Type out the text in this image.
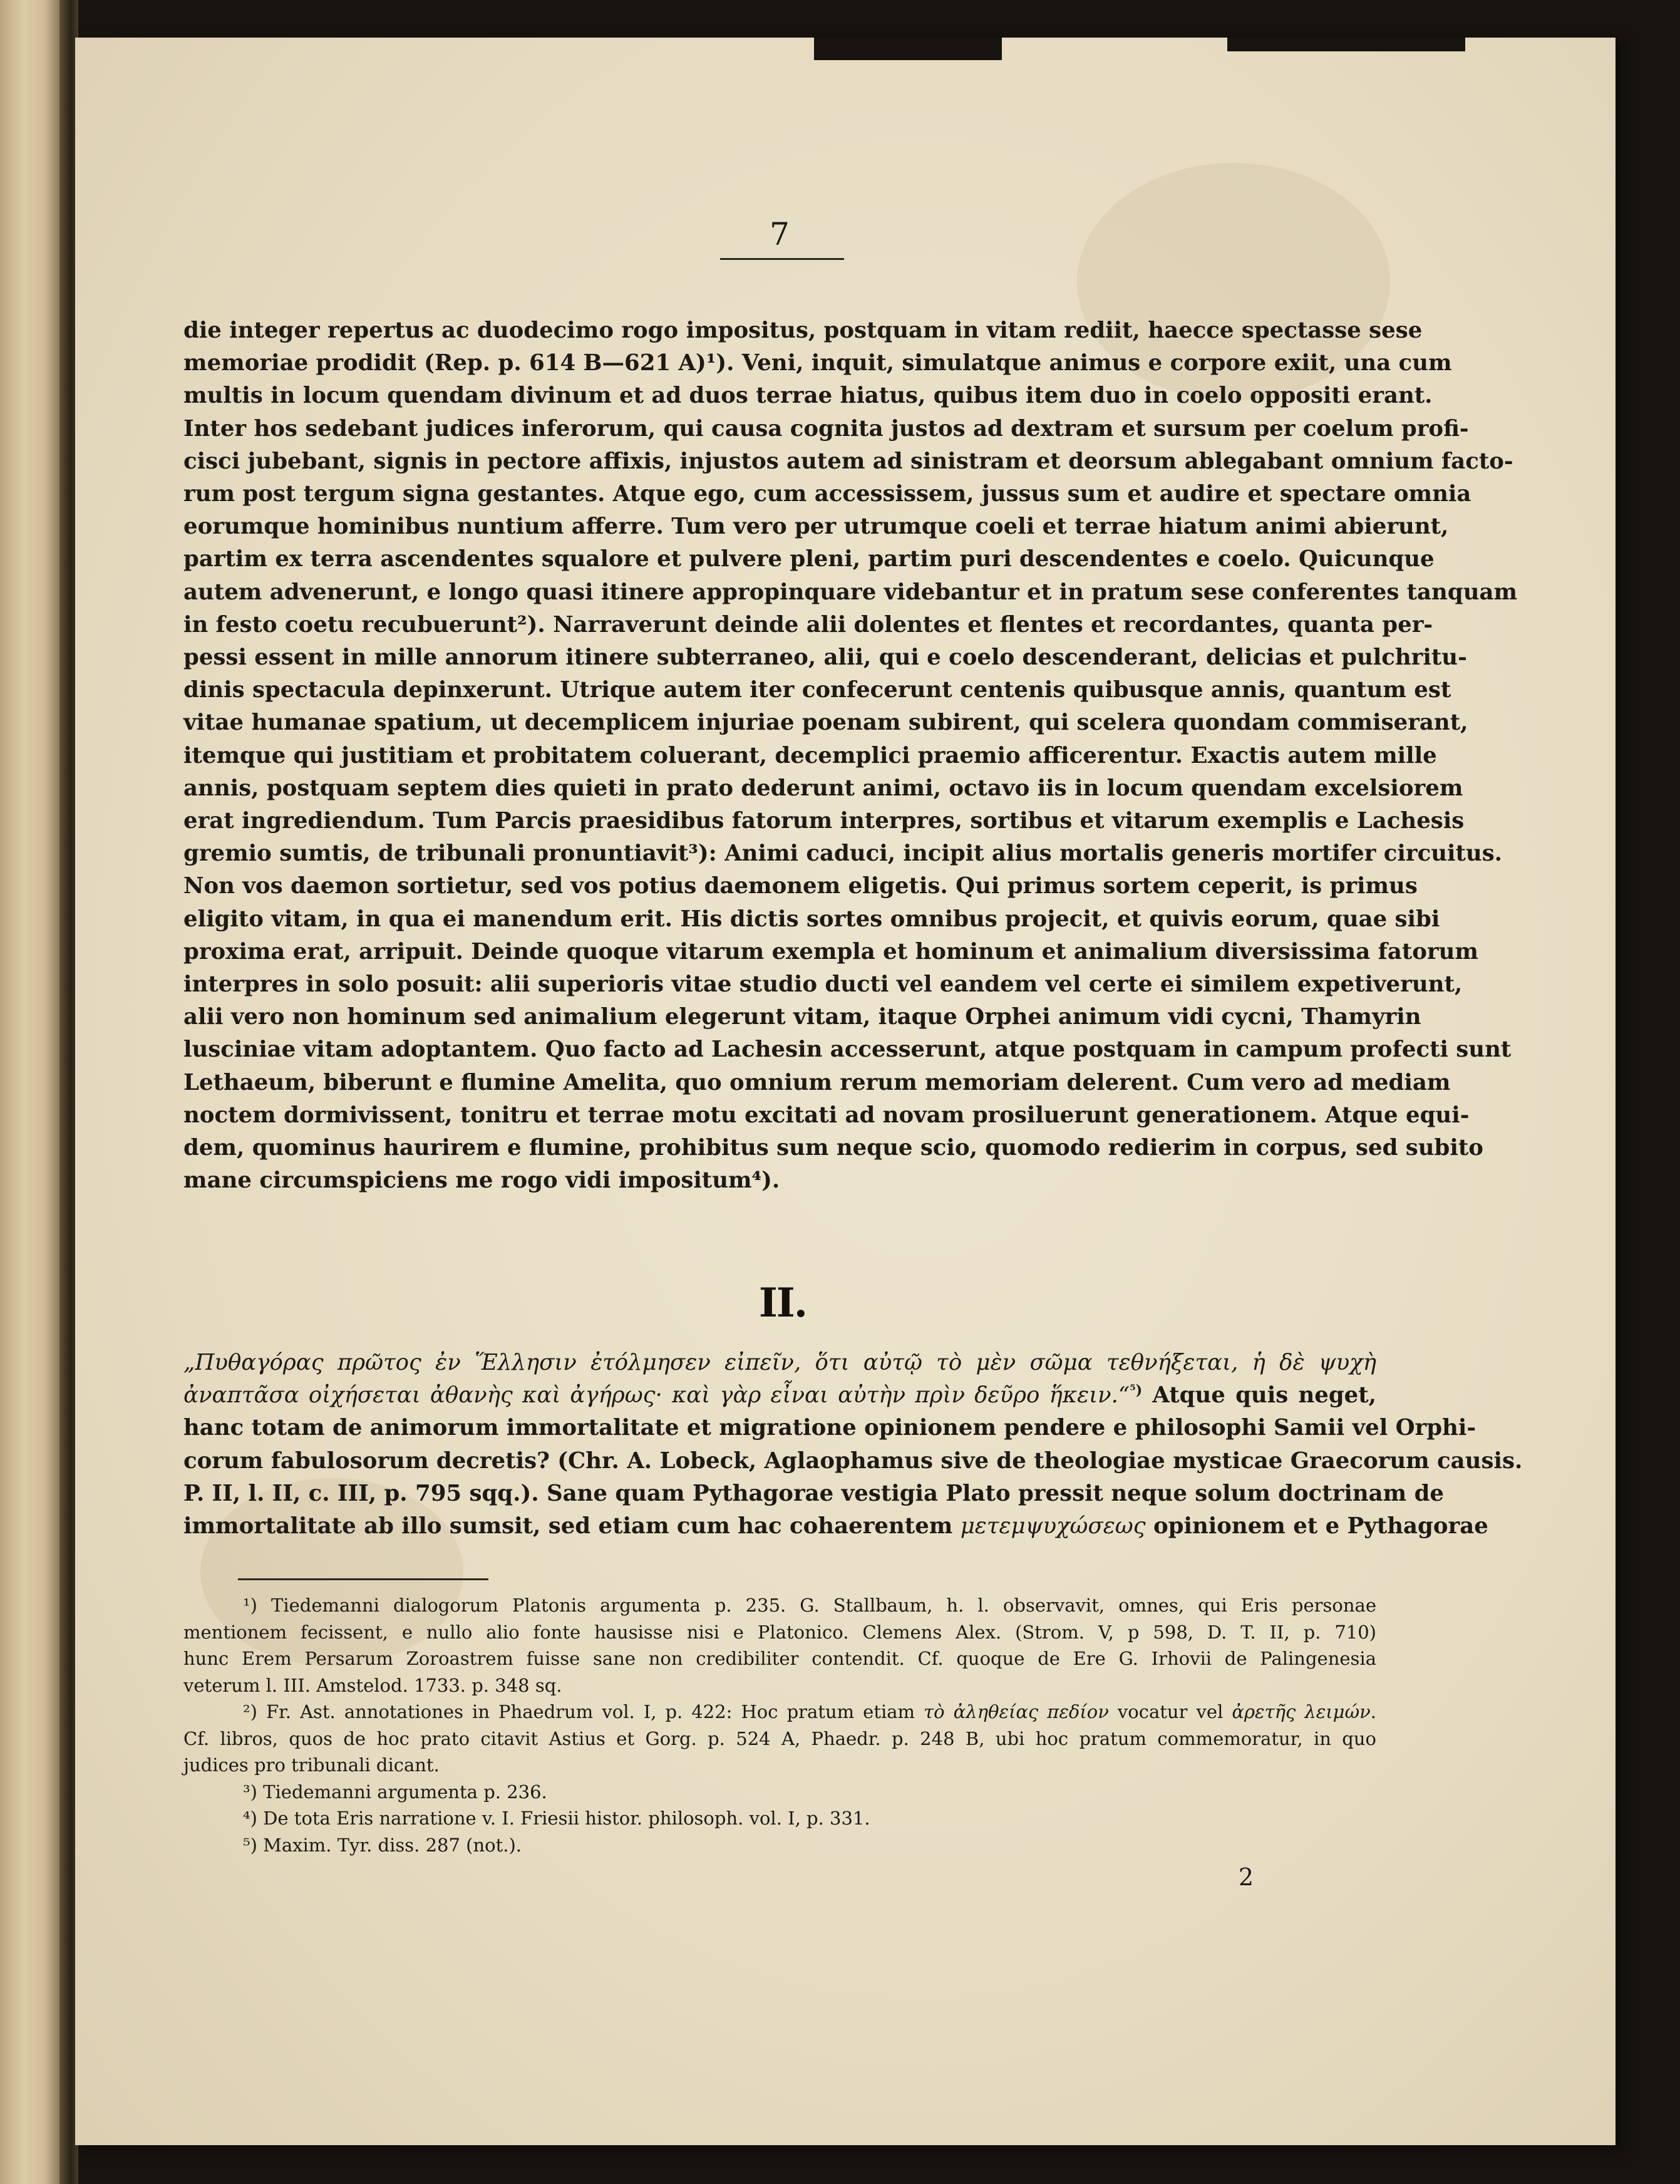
7
die integer repertus ac duodecimo rogo impositus, postquam in vitam rediit, haecce spectasse sese
memoriae prodidit (Rep. p. 614 B—621 A)¹). Veni, inquit, simulatque animus e corpore exiit, una cum
multis in locum quendam divinum et ad duos terrae hiatus, quibus item duo in coelo oppositi erant.
Inter hos sedebant judices inferorum, qui causa cognita justos ad dextram et sursum per coelum profi-
cisci jubebant, signis in pectore affixis, injustos autem ad sinistram et deorsum ablegabant omnium facto-
rum post tergum signa gestantes. Atque ego, cum accessissem, jussus sum et audire et spectare omnia
eorumque hominibus nuntium afferre. Tum vero per utrumque coeli et terrae hiatum animi abierunt,
partim ex terra ascendentes squalore et pulvere pleni, partim puri descendentes e coelo. Quicunque
autem advenerunt, e longo quasi itinere appropinquare videbantur et in pratum sese conferentes tanquam
in festo coetu recubuerunt²). Narraverunt deinde alii dolentes et flentes et recordantes, quanta per-
pessi essent in mille annorum itinere subterraneo, alii, qui e coelo descenderant, delicias et pulchritu-
dinis spectacula depinxerunt. Utrique autem iter confecerunt centenis quibusque annis, quantum est
vitae humanae spatium, ut decemplicem injuriae poenam subirent, qui scelera quondam commiserant,
itemque qui justitiam et probitatem coluerant, decemplici praemio afficerentur. Exactis autem mille
annis, postquam septem dies quieti in prato dederunt animi, octavo iis in locum quendam excelsiorem
erat ingrediendum. Tum Parcis praesidibus fatorum interpres, sortibus et vitarum exemplis e Lachesis
gremio sumtis, de tribunali pronuntiavit³): Animi caduci, incipit alius mortalis generis mortifer circuitus.
Non vos daemon sortietur, sed vos potius daemonem eligetis. Qui primus sortem ceperit, is primus
eligito vitam, in qua ei manendum erit. His dictis sortes omnibus projecit, et quivis eorum, quae sibi
proxima erat, arripuit. Deinde quoque vitarum exempla et hominum et animalium diversissima fatorum
interpres in solo posuit: alii superioris vitae studio ducti vel eandem vel certe ei similem expetiverunt,
alii vero non hominum sed animalium elegerunt vitam, itaque Orphei animum vidi cycni, Thamyrin
lusciniae vitam adoptantem. Quo facto ad Lachesin accesserunt, atque postquam in campum profecti sunt
Lethaeum, biberunt e flumine Amelita, quo omnium rerum memoriam delerent. Cum vero ad mediam
noctem dormivissent, tonitru et terrae motu excitati ad novam prosiluerunt generationem. Atque equi-
dem, quominus haurirem e flumine, prohibitus sum neque scio, quomodo redierim in corpus, sed subito
mane circumspiciens me rogo vidi impositum⁴).
II.
„Πυθαγόρας πρῶτος ἐν Ἕλλησιν ἐτόλμησεν εἰπεῖν, ὅτι αὐτῷ τὸ μὲν σῶμα τεθνήξεται, ἡ δὲ ψυχὴ
ἀναπτᾶσα οἰχήσεται ἀθανὴς καὶ ἀγήρως· καὶ γὰρ εἶναι αὐτὴν πρὶν δεῦρο ἥκειν.“$^{^5)}$ Atque quis neget,
hanc totam de animorum immortalitate et migratione opinionem pendere e philosophi Samii vel Orphi-
corum fabulosorum decretis? (Chr. A. Lobeck, Aglaophamus sive de theologiae mysticae Graecorum causis.
P. II, l. II, c. III, p. 795 sqq.). Sane quam Pythagorae vestigia Plato pressit neque solum doctrinam de
immortalitate ab illo sumsit, sed etiam cum hac cohaerentem μετεμψυχώσεως opinionem et e Pythagorae
¹) Tiedemanni dialogorum Platonis argumenta p. 235. G. Stallbaum, h. l. observavit, omnes, qui Eris personae
mentionem fecissent, e nullo alio fonte hausisse nisi e Platonico. Clemens Alex. (Strom. V, p 598, D. T. II, p. 710)
hunc Erem Persarum Zoroastrem fuisse sane non credibiliter contendit. Cf. quoque de Ere G. Irhovii de Palingenesia
veterum l. III. Amstelod. 1733. p. 348 sq.
²) Fr. Ast. annotationes in Phaedrum vol. I, p. 422: Hoc pratum etiam τὸ ἀληθείας πεδίον vocatur vel ἀρετῆς λειμών.
Cf. libros, quos de hoc prato citavit Astius et Gorg. p. 524 A, Phaedr. p. 248 B, ubi hoc pratum commemoratur, in quo
judices pro tribunali dicant.
³) Tiedemanni argumenta p. 236.
⁴) De tota Eris narratione v. I. Friesii histor. philosoph. vol. I, p. 331.
⁵) Maxim. Tyr. diss. 287 (not.).
2
